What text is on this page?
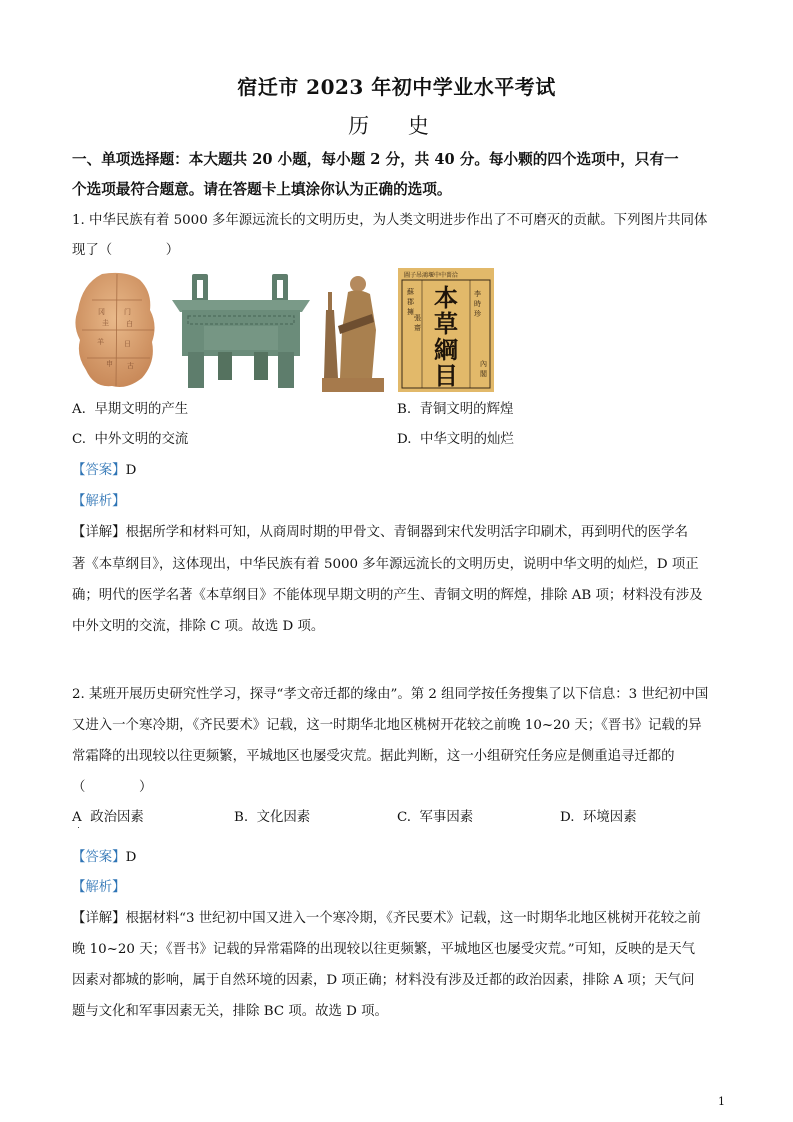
宿迁市 2023 年初中学业水平考试
历 史
一、单项选择题：本大题共 20 小题，每小题 2 分，共 40 分。每小颗的四个选项中，只有一
个选项最符合题意。请在答题卡上填涂你认为正确的选项。
1. 中华民族有着 5000 多年源远流长的文明历史，为人类文明进步作出了不可磨灭的贡献。下列图片共同体
现了（　　　　）
冈	门
圭 白
羊	日
申 古
圖子吊鴻堰中中嗇洽
本
草
綱
目
蘇
郡
擁
張
齋
李
時
珍
內
閣
A. 早期文明的产生	B. 青铜文明的辉煌
C. 中外文明的交流	D. 中华文明的灿烂
【答案】D
【解析】
【详解】根据所学和材料可知，从商周时期的甲骨文、青铜器到宋代发明活字印刷术，再到明代的医学名
著《本草纲目》，这体现出，中华民族有着 5000 多年源远流长的文明历史，说明中华文明的灿烂，D 项正
确；明代的医学名著《本草纲目》不能体现早期文明的产生、青铜文明的辉煌，排除 AB 项；材料没有涉及
中外文明的交流，排除 C 项。故选 D 项。
2. 某班开展历史研究性学习，探寻“孝文帝迁都的缘由”。第 2 组同学按任务搜集了以下信息：3 世纪初中国
又进入一个寒冷期，《齐民要术》记载，这一时期华北地区桃树开花较之前晚 10~20 天；《晋书》记载的异
常霜降的出现较以往更频繁，平城地区也屡受灾荒。据此判断，这一小组研究任务应是侧重追寻迁都的
（　　　　）
A 政治因素	B. 文化因素	C. 军事因素	D. 环境因素
【答案】D
【解析】
【详解】根据材料“3 世纪初中国又进入一个寒冷期，《齐民要术》记载，这一时期华北地区桃树开花较之前
晚 10~20 天；《晋书》记载的异常霜降的出现较以往更频繁，平城地区也屡受灾荒。”可知，反映的是天气
因素对都城的影响，属于自然环境的因素，D 项正确；材料没有涉及迁都的政治因素，排除 A 项；天气问
题与文化和军事因素无关，排除 BC 项。故选 D 项。
1
